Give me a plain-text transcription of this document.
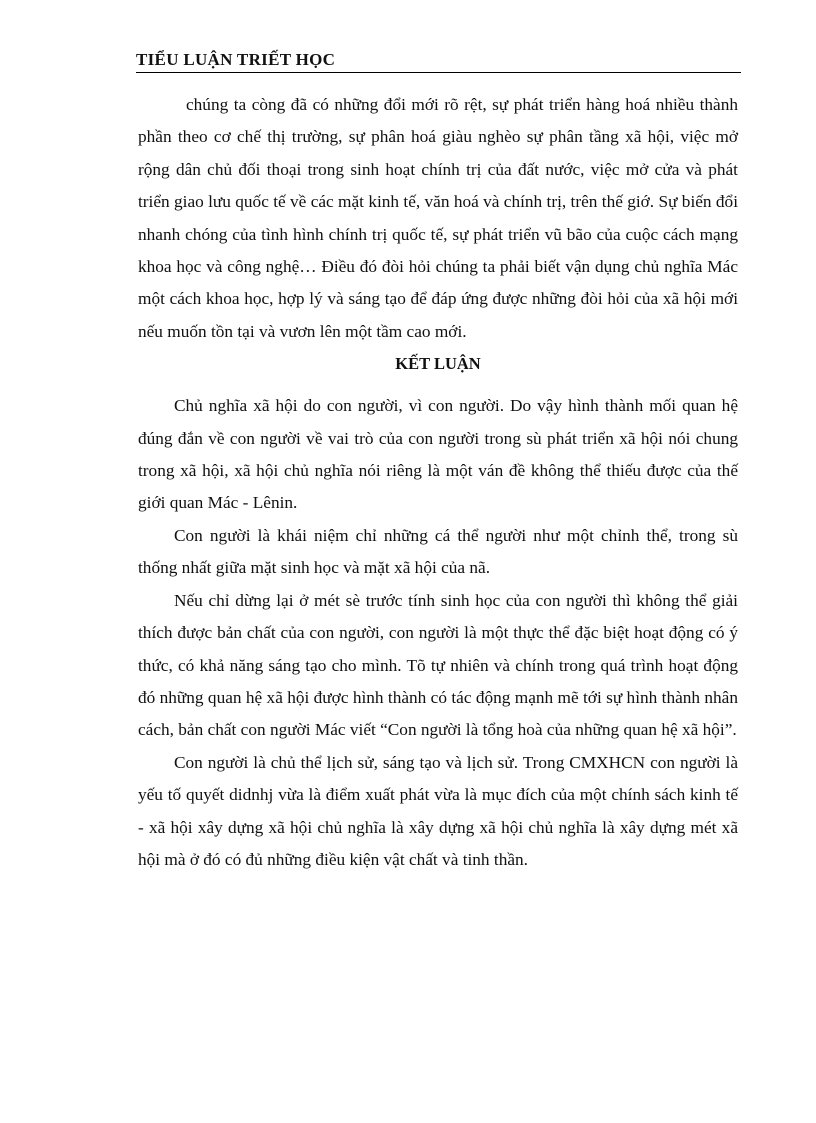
TIỂU LUẬN TRIẾT HỌC

chúng ta còng đã có những đổi mới rõ rệt, sự phát triển hàng hoá nhiều thành phần theo cơ chế thị trường, sự phân hoá giàu nghèo sự phân tầng xã hội, việc mở rộng dân chủ đối thoại trong sinh hoạt chính trị của đất nước, việc mở cửa và phát triển giao lưu quốc tế về các mặt kinh tế, văn hoá và chính trị, trên thế giớ. Sự biến đổi nhanh chóng của tình hình chính trị quốc tế, sự phát triển vũ bão của cuộc cách mạng khoa học và công nghệ… Điều đó đòi hỏi chúng ta phải biết vận dụng chủ nghĩa Mác một cách khoa học, hợp lý và sáng tạo để đáp ứng được những đòi hỏi của xã hội mới nếu muốn tồn tại và vươn lên một tầm cao mới.

KẾT LUẬN

Chủ nghĩa xã hội do con người, vì con người. Do vậy hình thành mối quan hệ đúng đắn về con người về vai trò của con người trong sù phát triển xã hội nói chung trong xã hội, xã hội chủ nghĩa nói riêng là một ván đề không thể thiếu được của thế giới quan Mác - Lênin.

Con người là khái niệm chỉ những cá thể người như một chỉnh thể, trong sù thống nhất giữa mặt sinh học và mặt xã hội của nã.

Nếu chỉ dừng lại ở mét sè trước tính sinh học của con người thì không thể giải thích được bản chất của con người, con người là một thực thể đặc biệt hoạt động có ý thức, có khả năng sáng tạo cho mình. Tõ tự nhiên và chính trong quá trình hoạt động đó những quan hệ xã hội được hình thành có tác động mạnh mẽ tới sự hình thành nhân cách, bản chất con người Mác viết “Con người là tổng hoà của những quan hệ xã hội”.

Con người là chủ thể lịch sử, sáng tạo và lịch sử. Trong CMXHCN con người là yếu tố quyết didnhj vừa là điểm xuất phát vừa là mục đích của một chính sách kinh tế - xã hội xây dựng xã hội chủ nghĩa là xây dựng xã hội chủ nghĩa là xây dựng mét xã hội mà ở đó có đủ những điều kiện vật chất và tinh thần.
